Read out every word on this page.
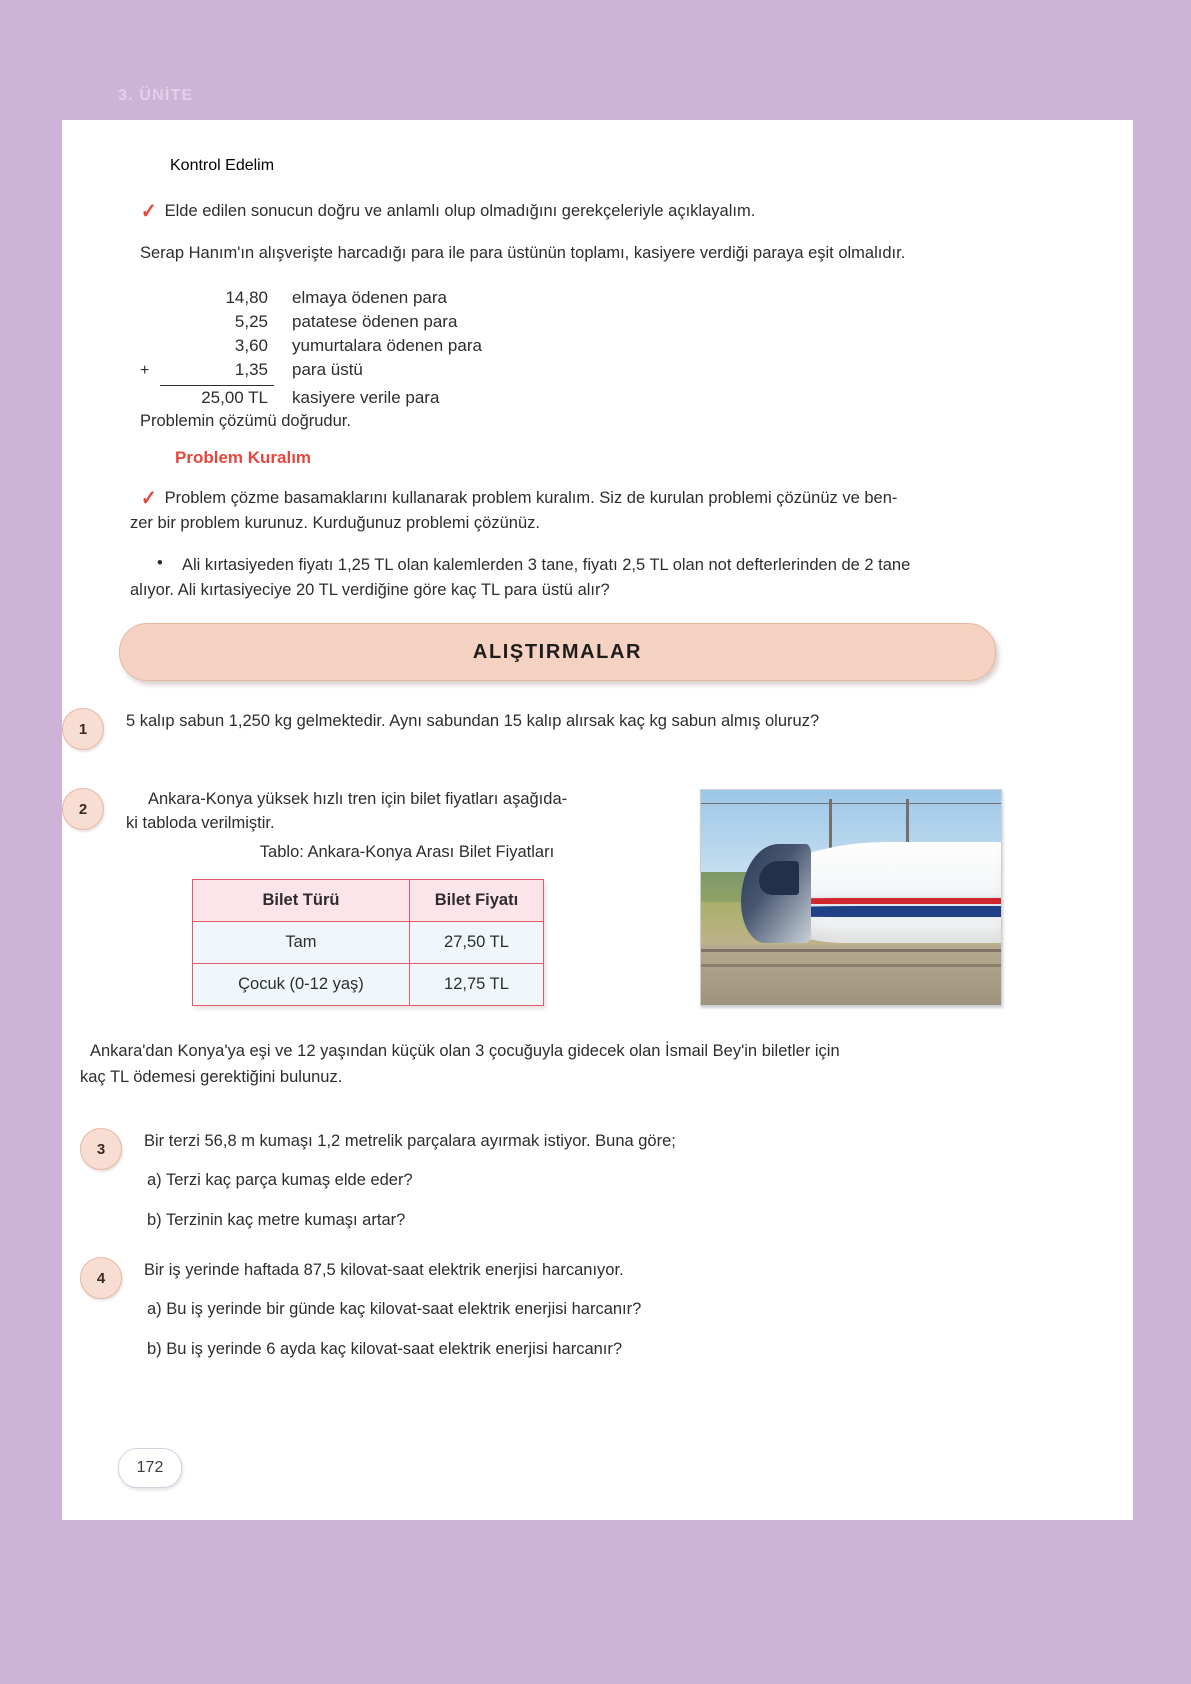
3. ÜNİTE
Kontrol Edelim
✓ Elde edilen sonucun doğru ve anlamlı olup olmadığını gerekçeleriyle açıklayalım.
Serap Hanım'ın alışverişte harcadığı para ile para üstünün toplamı, kasiyere verdiği paraya eşit olmalıdır.
14,80	elmaya ödenen para
5,25	patatese ödenen para
3,60	yumurtalara ödenen para
+	1,35	para üstü
25,00 TL	kasiyere verile para
Problemin çözümü doğrudur.
Problem Kuralım
✓ Problem çözme basamaklarını kullanarak problem kuralım. Siz de kurulan problemi çözünüz ve ben-
zer bir problem kurunuz. Kurduğunuz problemi çözünüz.
• Ali kırtasiyeden fiyatı 1,25 TL olan kalemlerden 3 tane, fiyatı 2,5 TL olan not defterlerinden de 2 tane
alıyor. Ali kırtasiyeciye 20 TL verdiğine göre kaç TL para üstü alır?
ALIŞTIRMALAR
1	5 kalıp sabun 1,250 kg gelmektedir. Aynı sabundan 15 kalıp alırsak kaç kg sabun almış oluruz?

2

Ankara-Konya yüksek hızlı tren için bilet fiyatları aşağıda-

ki tabloda verilmiştir.

Tablo: Ankara-Konya Arası Bilet Fiyatları
Bilet Türü	Bilet Fiyatı
Tam	27,50 TL
Çocuk (0-12 yaş)	12,75 TL
Ankara'dan Konya'ya eşi ve 12 yaşından küçük olan 3 çocuğuyla gidecek olan İsmail Bey'in biletler için
kaç TL ödemesi gerektiğini bulunuz.
3	Bir terzi 56,8 m kumaşı 1,2 metrelik parçalara ayırmak istiyor. Buna göre;

a) Terzi kaç parça kumaş elde eder?

b) Terzinin kaç metre kumaşı artar?

4	Bir iş yerinde haftada 87,5 kilovat-saat elektrik enerjisi harcanıyor.

a) Bu iş yerinde bir günde kaç kilovat-saat elektrik enerjisi harcanır?

b) Bu iş yerinde 6 ayda kaç kilovat-saat elektrik enerjisi harcanır?

172
